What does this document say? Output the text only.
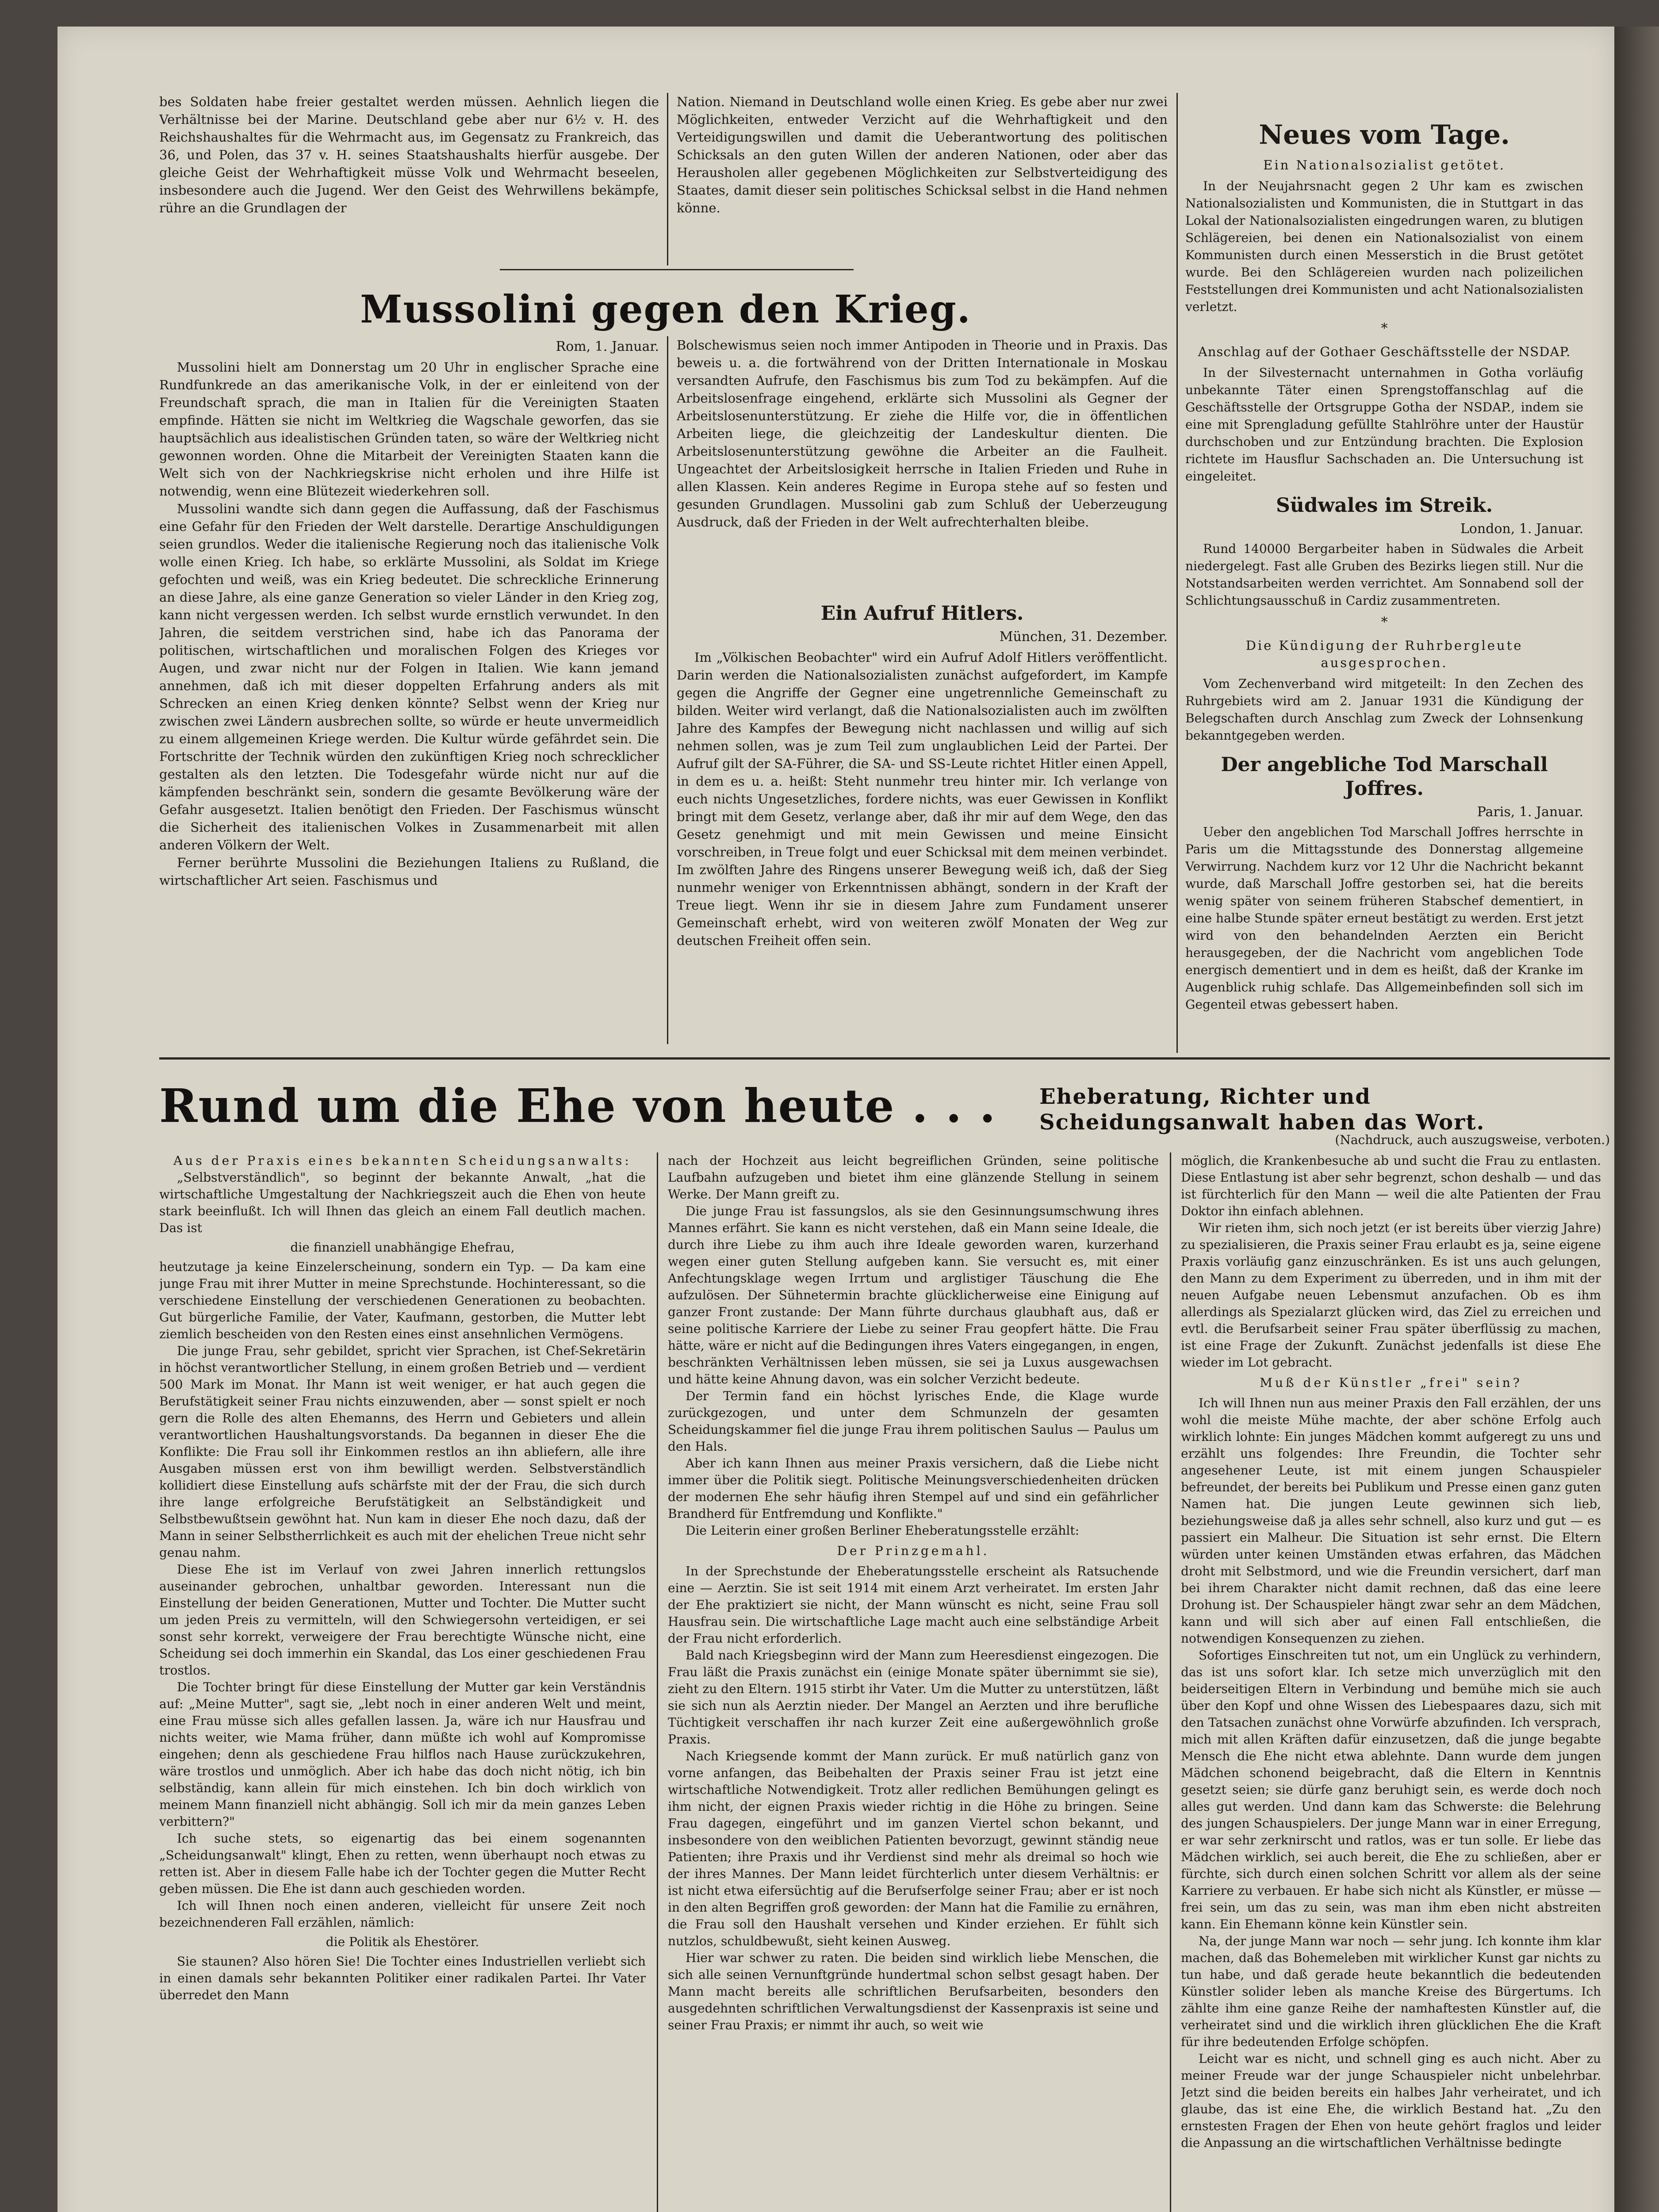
bes Soldaten habe freier gestaltet werden müssen. Aehnlich liegen die Verhältnisse bei der Marine. Deutschland gebe aber nur 6½ v. H. des Reichshaushaltes für die Wehrmacht aus, im Gegensatz zu Frankreich, das 36, und Polen, das 37 v. H. seines Staatshaushalts hierfür ausgebe. Der gleiche Geist der Wehrhaftigkeit müsse Volk und Wehrmacht beseelen, insbesondere auch die Jugend. Wer den Geist des Wehrwillens bekämpfe, rühre an die Grundlagen der

Nation. Niemand in Deutschland wolle einen Krieg. Es gebe aber nur zwei Möglichkeiten, entweder Verzicht auf die Wehrhaftigkeit und den Verteidigungswillen und damit die Ueberantwortung des politischen Schicksals an den guten Willen der anderen Nationen, oder aber das Herausholen aller gegebenen Möglichkeiten zur Selbstverteidigung des Staates, damit dieser sein politisches Schicksal selbst in die Hand nehmen könne.

Mussolini gegen den Krieg.
Rom, 1. Januar.

Mussolini hielt am Donnerstag um 20 Uhr in englischer Sprache eine Rundfunkrede an das amerikanische Volk, in der er einleitend von der Freundschaft sprach, die man in Italien für die Vereinigten Staaten empfinde. Hätten sie nicht im Weltkrieg die Wagschale geworfen, das sie hauptsächlich aus idealistischen Gründen taten, so wäre der Weltkrieg nicht gewonnen worden. Ohne die Mitarbeit der Vereinigten Staaten kann die Welt sich von der Nachkriegskrise nicht erholen und ihre Hilfe ist notwendig, wenn eine Blütezeit wiederkehren soll.

Mussolini wandte sich dann gegen die Auffassung, daß der Faschismus eine Gefahr für den Frieden der Welt darstelle. Derartige Anschuldigungen seien grundlos. Weder die italienische Regierung noch das italienische Volk wolle einen Krieg. Ich habe, so erklärte Mussolini, als Soldat im Kriege gefochten und weiß, was ein Krieg bedeutet. Die schreckliche Erinnerung an diese Jahre, als eine ganze Generation so vieler Länder in den Krieg zog, kann nicht vergessen werden. Ich selbst wurde ernstlich verwundet. In den Jahren, die seitdem verstrichen sind, habe ich das Panorama der politischen, wirtschaftlichen und moralischen Folgen des Krieges vor Augen, und zwar nicht nur der Folgen in Italien. Wie kann jemand annehmen, daß ich mit dieser doppelten Erfahrung anders als mit Schrecken an einen Krieg denken könnte? Selbst wenn der Krieg nur zwischen zwei Ländern ausbrechen sollte, so würde er heute unvermeidlich zu einem allgemeinen Kriege werden. Die Kultur würde gefährdet sein. Die Fortschritte der Technik würden den zukünftigen Krieg noch schrecklicher gestalten als den letzten. Die Todesgefahr würde nicht nur auf die kämpfenden beschränkt sein, sondern die gesamte Bevölkerung wäre der Gefahr ausgesetzt. Italien benötigt den Frieden. Der Faschismus wünscht die Sicherheit des italienischen Volkes in Zusammenarbeit mit allen anderen Völkern der Welt.

Ferner berührte Mussolini die Beziehungen Italiens zu Rußland, die wirtschaftlicher Art seien. Faschismus und

Bolschewismus seien noch immer Antipoden in Theorie und in Praxis. Das beweis u. a. die fortwährend von der Dritten Internationale in Moskau versandten Aufrufe, den Faschismus bis zum Tod zu bekämpfen. Auf die Arbeitslosenfrage eingehend, erklärte sich Mussolini als Gegner der Arbeitslosenunterstützung. Er ziehe die Hilfe vor, die in öffentlichen Arbeiten liege, die gleichzeitig der Landeskultur dienten. Die Arbeitslosenunterstützung gewöhne die Arbeiter an die Faulheit. Ungeachtet der Arbeitslosigkeit herrsche in Italien Frieden und Ruhe in allen Klassen. Kein anderes Regime in Europa stehe auf so festen und gesunden Grundlagen. Mussolini gab zum Schluß der Ueberzeugung Ausdruck, daß der Frieden in der Welt aufrechterhalten bleibe.

Ein Aufruf Hitlers.
München, 31. Dezember.

Im „Völkischen Beobachter" wird ein Aufruf Adolf Hitlers veröffentlicht. Darin werden die Nationalsozialisten zunächst aufgefordert, im Kampfe gegen die Angriffe der Gegner eine ungetrennliche Gemeinschaft zu bilden. Weiter wird verlangt, daß die Nationalsozialisten auch im zwölften Jahre des Kampfes der Bewegung nicht nachlassen und willig auf sich nehmen sollen, was je zum Teil zum unglaublichen Leid der Partei. Der Aufruf gilt der SA-Führer, die SA- und SS-Leute richtet Hitler einen Appell, in dem es u. a. heißt: Steht nunmehr treu hinter mir. Ich verlange von euch nichts Ungesetzliches, fordere nichts, was euer Gewissen in Konflikt bringt mit dem Gesetz, verlange aber, daß ihr mir auf dem Wege, den das Gesetz genehmigt und mit mein Gewissen und meine Einsicht vorschreiben, in Treue folgt und euer Schicksal mit dem meinen verbindet. Im zwölften Jahre des Ringens unserer Bewegung weiß ich, daß der Sieg nunmehr weniger von Erkenntnissen abhängt, sondern in der Kraft der Treue liegt. Wenn ihr sie in diesem Jahre zum Fundament unserer Gemeinschaft erhebt, wird von weiteren zwölf Monaten der Weg zur deutschen Freiheit offen sein.

Neues vom Tage.
Ein Nationalsozialist getötet.

In der Neujahrsnacht gegen 2 Uhr kam es zwischen Nationalsozialisten und Kommunisten, die in Stuttgart in das Lokal der Nationalsozialisten eingedrungen waren, zu blutigen Schlägereien, bei denen ein Nationalsozialist von einem Kommunisten durch einen Messerstich in die Brust getötet wurde. Bei den Schlägereien wurden nach polizeilichen Feststellungen drei Kommunisten und acht Nationalsozialisten verletzt.

*
Anschlag auf der Gothaer Geschäftsstelle der NSDAP.

In der Silvesternacht unternahmen in Gotha vorläufig unbekannte Täter einen Sprengstoffanschlag auf die Geschäftsstelle der Ortsgruppe Gotha der NSDAP., indem sie eine mit Sprengladung gefüllte Stahlröhre unter der Haustür durchschoben und zur Entzündung brachten. Die Explosion richtete im Hausflur Sachschaden an. Die Untersuchung ist eingeleitet.

Südwales im Streik.
London, 1. Januar.

Rund 140000 Bergarbeiter haben in Südwales die Arbeit niedergelegt. Fast alle Gruben des Bezirks liegen still. Nur die Notstandsarbeiten werden verrichtet. Am Sonnabend soll der Schlichtungsausschuß in Cardiz zusammentreten.

*
Die Kündigung der Ruhrbergleute ausgesprochen.

Vom Zechenverband wird mitgeteilt: In den Zechen des Ruhrgebiets wird am 2. Januar 1931 die Kündigung der Belegschaften durch Anschlag zum Zweck der Lohnsenkung bekanntgegeben werden.

Der angebliche Tod Marschall Joffres.
Paris, 1. Januar.

Ueber den angeblichen Tod Marschall Joffres herrschte in Paris um die Mittagsstunde des Donnerstag allgemeine Verwirrung. Nachdem kurz vor 12 Uhr die Nachricht bekannt wurde, daß Marschall Joffre gestorben sei, hat die bereits wenig später von seinem früheren Stabschef dementiert, in eine halbe Stunde später erneut bestätigt zu werden. Erst jetzt wird von den behandelnden Aerzten ein Bericht herausgegeben, der die Nachricht vom angeblichen Tode energisch dementiert und in dem es heißt, daß der Kranke im Augenblick ruhig schlafe. Das Allgemeinbefinden soll sich im Gegenteil etwas gebessert haben.

Rund um die Ehe von heute . . .	Eheberatung, Richter und Scheidungsanwalt haben das Wort.
(Nachdruck, auch auszugsweise, verboten.)
Aus der Praxis eines bekannten Scheidungsanwalts:

„Selbstverständlich", so beginnt der bekannte Anwalt, „hat die wirtschaftliche Umgestaltung der Nachkriegszeit auch die Ehen von heute stark beeinflußt. Ich will Ihnen das gleich an einem Fall deutlich machen. Das ist

die finanziell unabhängige Ehefrau,

heutzutage ja keine Einzelerscheinung, sondern ein Typ. — Da kam eine junge Frau mit ihrer Mutter in meine Sprechstunde. Hochinteressant, so die verschiedene Einstellung der verschiedenen Generationen zu beobachten. Gut bürgerliche Familie, der Vater, Kaufmann, gestorben, die Mutter lebt ziemlich bescheiden von den Resten eines einst ansehnlichen Vermögens.

Die junge Frau, sehr gebildet, spricht vier Sprachen, ist Chef-Sekretärin in höchst verantwortlicher Stellung, in einem großen Betrieb und — verdient 500 Mark im Monat. Ihr Mann ist weit weniger, er hat auch gegen die Berufstätigkeit seiner Frau nichts einzuwenden, aber — sonst spielt er noch gern die Rolle des alten Ehemanns, des Herrn und Gebieters und allein verantwortlichen Haushaltungsvorstands. Da begannen in dieser Ehe die Konflikte: Die Frau soll ihr Einkommen restlos an ihn abliefern, alle ihre Ausgaben müssen erst von ihm bewilligt werden. Selbstverständlich kollidiert diese Einstellung aufs schärfste mit der der Frau, die sich durch ihre lange erfolgreiche Berufstätigkeit an Selbständigkeit und Selbstbewußtsein gewöhnt hat. Nun kam in dieser Ehe noch dazu, daß der Mann in seiner Selbstherrlichkeit es auch mit der ehelichen Treue nicht sehr genau nahm.

Diese Ehe ist im Verlauf von zwei Jahren innerlich rettungslos auseinander gebrochen, unhaltbar geworden. Interessant nun die Einstellung der beiden Generationen, Mutter und Tochter. Die Mutter sucht um jeden Preis zu vermitteln, will den Schwiegersohn verteidigen, er sei sonst sehr korrekt, verweigere der Frau berechtigte Wünsche nicht, eine Scheidung sei doch immerhin ein Skandal, das Los einer geschiedenen Frau trostlos.

Die Tochter bringt für diese Einstellung der Mutter gar kein Verständnis auf: „Meine Mutter", sagt sie, „lebt noch in einer anderen Welt und meint, eine Frau müsse sich alles gefallen lassen. Ja, wäre ich nur Hausfrau und nichts weiter, wie Mama früher, dann müßte ich wohl auf Kompromisse eingehen; denn als geschiedene Frau hilflos nach Hause zurückzukehren, wäre trostlos und unmöglich. Aber ich habe das doch nicht nötig, ich bin selbständig, kann allein für mich einstehen. Ich bin doch wirklich von meinem Mann finanziell nicht abhängig. Soll ich mir da mein ganzes Leben verbittern?"

Ich suche stets, so eigenartig das bei einem sogenannten „Scheidungsanwalt" klingt, Ehen zu retten, wenn überhaupt noch etwas zu retten ist. Aber in diesem Falle habe ich der Tochter gegen die Mutter Recht geben müssen. Die Ehe ist dann auch geschieden worden.

Ich will Ihnen noch einen anderen, vielleicht für unsere Zeit noch bezeichnenderen Fall erzählen, nämlich:

die Politik als Ehestörer.

Sie staunen? Also hören Sie! Die Tochter eines Industriellen verliebt sich in einen damals sehr bekannten Politiker einer radikalen Partei. Ihr Vater überredet den Mann

nach der Hochzeit aus leicht begreiflichen Gründen, seine politische Laufbahn aufzugeben und bietet ihm eine glänzende Stellung in seinem Werke. Der Mann greift zu.

Die junge Frau ist fassungslos, als sie den Gesinnungsumschwung ihres Mannes erfährt. Sie kann es nicht verstehen, daß ein Mann seine Ideale, die durch ihre Liebe zu ihm auch ihre Ideale geworden waren, kurzerhand wegen einer guten Stellung aufgeben kann. Sie versucht es, mit einer Anfechtungsklage wegen Irrtum und arglistiger Täuschung die Ehe aufzulösen. Der Sühnetermin brachte glücklicherweise eine Einigung auf ganzer Front zustande: Der Mann führte durchaus glaubhaft aus, daß er seine politische Karriere der Liebe zu seiner Frau geopfert hätte. Die Frau hätte, wäre er nicht auf die Bedingungen ihres Vaters eingegangen, in engen, beschränkten Verhältnissen leben müssen, sie sei ja Luxus ausgewachsen und hätte keine Ahnung davon, was ein solcher Verzicht bedeute.

Der Termin fand ein höchst lyrisches Ende, die Klage wurde zurückgezogen, und unter dem Schmunzeln der gesamten Scheidungskammer fiel die junge Frau ihrem politischen Saulus — Paulus um den Hals.

Aber ich kann Ihnen aus meiner Praxis versichern, daß die Liebe nicht immer über die Politik siegt. Politische Meinungsverschiedenheiten drücken der modernen Ehe sehr häufig ihren Stempel auf und sind ein gefährlicher Brandherd für Entfremdung und Konflikte."

Die Leiterin einer großen Berliner Eheberatungsstelle erzählt:

Der Prinzgemahl.

In der Sprechstunde der Eheberatungsstelle erscheint als Ratsuchende eine — Aerztin. Sie ist seit 1914 mit einem Arzt verheiratet. Im ersten Jahr der Ehe praktiziert sie nicht, der Mann wünscht es nicht, seine Frau soll Hausfrau sein. Die wirtschaftliche Lage macht auch eine selbständige Arbeit der Frau nicht erforderlich.

Bald nach Kriegsbeginn wird der Mann zum Heeresdienst eingezogen. Die Frau läßt die Praxis zunächst ein (einige Monate später übernimmt sie sie), zieht zu den Eltern. 1915 stirbt ihr Vater. Um die Mutter zu unterstützen, läßt sie sich nun als Aerztin nieder. Der Mangel an Aerzten und ihre berufliche Tüchtigkeit verschaffen ihr nach kurzer Zeit eine außergewöhnlich große Praxis.

Nach Kriegsende kommt der Mann zurück. Er muß natürlich ganz von vorne anfangen, das Beibehalten der Praxis seiner Frau ist jetzt eine wirtschaftliche Notwendigkeit. Trotz aller redlichen Bemühungen gelingt es ihm nicht, der eignen Praxis wieder richtig in die Höhe zu bringen. Seine Frau dagegen, eingeführt und im ganzen Viertel schon bekannt, und insbesondere von den weiblichen Patienten bevorzugt, gewinnt ständig neue Patienten; ihre Praxis und ihr Verdienst sind mehr als dreimal so hoch wie der ihres Mannes. Der Mann leidet fürchterlich unter diesem Verhältnis: er ist nicht etwa eifersüchtig auf die Berufserfolge seiner Frau; aber er ist noch in den alten Begriffen groß geworden: der Mann hat die Familie zu ernähren, die Frau soll den Haushalt versehen und Kinder erziehen. Er fühlt sich nutzlos, schuldbewußt, sieht keinen Ausweg.

Hier war schwer zu raten. Die beiden sind wirklich liebe Menschen, die sich alle seinen Vernunftgründe hundertmal schon selbst gesagt haben. Der Mann macht bereits alle schriftlichen Berufsarbeiten, besonders den ausgedehnten schriftlichen Verwaltungsdienst der Kassenpraxis ist seine und seiner Frau Praxis; er nimmt ihr auch, so weit wie

möglich, die Krankenbesuche ab und sucht die Frau zu entlasten. Diese Entlastung ist aber sehr begrenzt, schon deshalb — und das ist fürchterlich für den Mann — weil die alte Patienten der Frau Doktor ihn einfach ablehnen.

Wir rieten ihm, sich noch jetzt (er ist bereits über vierzig Jahre) zu spezialisieren, die Praxis seiner Frau erlaubt es ja, seine eigene Praxis vorläufig ganz einzuschränken. Es ist uns auch gelungen, den Mann zu dem Experiment zu überreden, und in ihm mit der neuen Aufgabe neuen Lebensmut anzufachen. Ob es ihm allerdings als Spezialarzt glücken wird, das Ziel zu erreichen und evtl. die Berufsarbeit seiner Frau später überflüssig zu machen, ist eine Frage der Zukunft. Zunächst jedenfalls ist diese Ehe wieder im Lot gebracht.

Muß der Künstler „frei" sein?

Ich will Ihnen nun aus meiner Praxis den Fall erzählen, der uns wohl die meiste Mühe machte, der aber schöne Erfolg auch wirklich lohnte: Ein junges Mädchen kommt aufgeregt zu uns und erzählt uns folgendes: Ihre Freundin, die Tochter sehr angesehener Leute, ist mit einem jungen Schauspieler befreundet, der bereits bei Publikum und Presse einen ganz guten Namen hat. Die jungen Leute gewinnen sich lieb, beziehungsweise daß ja alles sehr schnell, also kurz und gut — es passiert ein Malheur. Die Situation ist sehr ernst. Die Eltern würden unter keinen Umständen etwas erfahren, das Mädchen droht mit Selbstmord, und wie die Freundin versichert, darf man bei ihrem Charakter nicht damit rechnen, daß das eine leere Drohung ist. Der Schauspieler hängt zwar sehr an dem Mädchen, kann und will sich aber auf einen Fall entschließen, die notwendigen Konsequenzen zu ziehen.

Sofortiges Einschreiten tut not, um ein Unglück zu verhindern, das ist uns sofort klar. Ich setze mich unverzüglich mit den beiderseitigen Eltern in Verbindung und bemühe mich sie auch über den Kopf und ohne Wissen des Liebespaares dazu, sich mit den Tatsachen zunächst ohne Vorwürfe abzufinden. Ich versprach, mich mit allen Kräften dafür einzusetzen, daß die junge begabte Mensch die Ehe nicht etwa ablehnte. Dann wurde dem jungen Mädchen schonend beigebracht, daß die Eltern in Kenntnis gesetzt seien; sie dürfe ganz beruhigt sein, es werde doch noch alles gut werden. Und dann kam das Schwerste: die Belehrung des jungen Schauspielers. Der junge Mann war in einer Erregung, er war sehr zerknirscht und ratlos, was er tun solle. Er liebe das Mädchen wirklich, sei auch bereit, die Ehe zu schließen, aber er fürchte, sich durch einen solchen Schritt vor allem als der seine Karriere zu verbauen. Er habe sich nicht als Künstler, er müsse — frei sein, um das zu sein, was man ihm eben nicht abstreiten kann. Ein Ehemann könne kein Künstler sein.

Na, der junge Mann war noch — sehr jung. Ich konnte ihm klar machen, daß das Bohemeleben mit wirklicher Kunst gar nichts zu tun habe, und daß gerade heute bekanntlich die bedeutenden Künstler solider leben als manche Kreise des Bürgertums. Ich zählte ihm eine ganze Reihe der namhaftesten Künstler auf, die verheiratet sind und die wirklich ihren glücklichen Ehe die Kraft für ihre bedeutenden Erfolge schöpfen.

Leicht war es nicht, und schnell ging es auch nicht. Aber zu meiner Freude war der junge Schauspieler nicht unbelehrbar. Jetzt sind die beiden bereits ein halbes Jahr verheiratet, und ich glaube, das ist eine Ehe, die wirklich Bestand hat. „Zu den ernstesten Fragen der Ehen von heute gehört fraglos und leider die Anpassung an die wirtschaftlichen Verhältnisse bedingte
